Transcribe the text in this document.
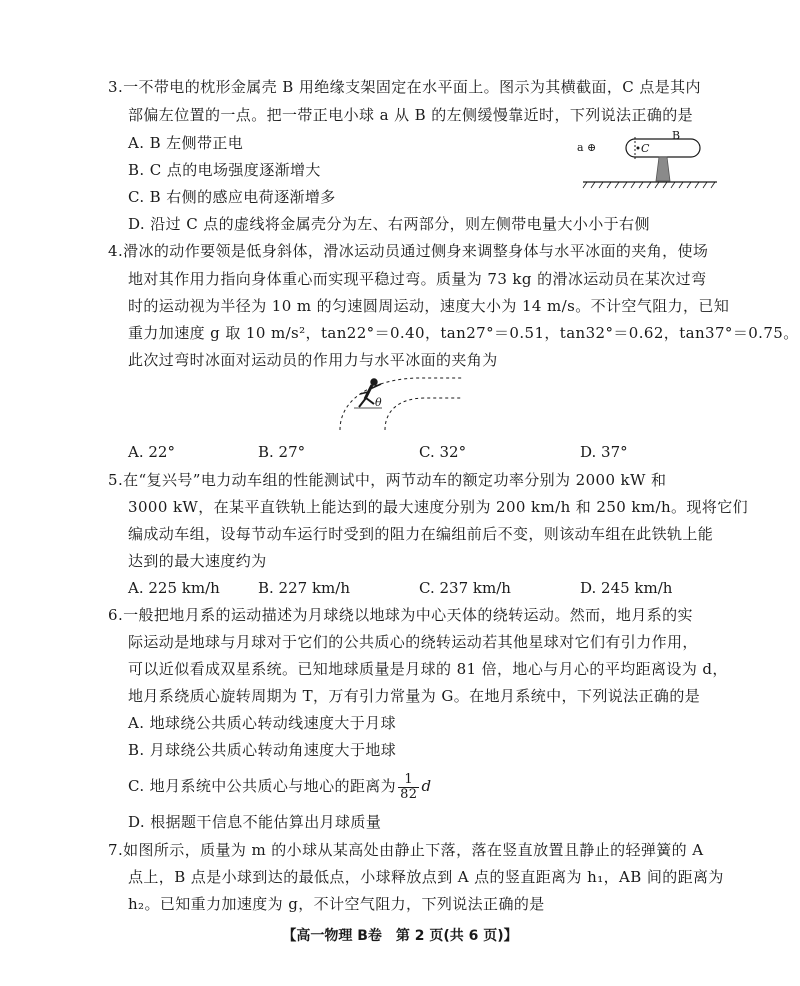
3.一不带电的枕形金属壳 B 用绝缘支架固定在水平面上。图示为其横截面，C 点是其内
部偏左位置的一点。把一带正电小球 a 从 B 的左侧缓慢靠近时，下列说法正确的是
A. B 左侧带正电
B. C 点的电场强度逐渐增大
C. B 右侧的感应电荷逐渐增多
D. 沿过 C 点的虚线将金属壳分为左、右两部分，则左侧带电量大小小于右侧
a ⊕
B
C
4.滑冰的动作要领是低身斜体，滑冰运动员通过侧身来调整身体与水平冰面的夹角，使场
地对其作用力指向身体重心而实现平稳过弯。质量为 73 kg 的滑冰运动员在某次过弯
时的运动视为半径为 10 m 的匀速圆周运动，速度大小为 14 m/s。不计空气阻力，已知
重力加速度 g 取 10 m/s²，tan22°＝0.40，tan27°＝0.51，tan32°＝0.62，tan37°＝0.75。
此次过弯时冰面对运动员的作用力与水平冰面的夹角为
θ
A. 22°	B. 27°	C. 32°	D. 37°
5.在“复兴号”电力动车组的性能测试中，两节动车的额定功率分别为 2000 kW 和
3000 kW，在某平直铁轨上能达到的最大速度分别为 200 km/h 和 250 km/h。现将它们
编成动车组，设每节动车运行时受到的阻力在编组前后不变，则该动车组在此铁轨上能
达到的最大速度约为
A. 225 km/h	B. 227 km/h	C. 237 km/h	D. 245 km/h
6.一般把地月系的运动描述为月球绕以地球为中心天体的绕转运动。然而，地月系的实
际运动是地球与月球对于它们的公共质心的绕转运动若其他星球对它们有引力作用，
可以近似看成双星系统。已知地球质量是月球的 81 倍，地心与月心的平均距离设为 d，
地月系绕质心旋转周期为 T，万有引力常量为 G。在地月系统中，下列说法正确的是
A. 地球绕公共质心转动线速度大于月球
B. 月球绕公共质心转动角速度大于地球
C. 地月系统中公共质心与地心的距离为 $\frac{1}{82}$ d
D. 根据题干信息不能估算出月球质量
7.如图所示，质量为 m 的小球从某高处由静止下落，落在竖直放置且静止的轻弹簧的 A
点上，B 点是小球到达的最低点，小球释放点到 A 点的竖直距离为 h₁，AB 间的距离为
h₂。已知重力加速度为 g，不计空气阻力，下列说法正确的是
【高一物理 B卷　第 2 页(共 6 页)】
